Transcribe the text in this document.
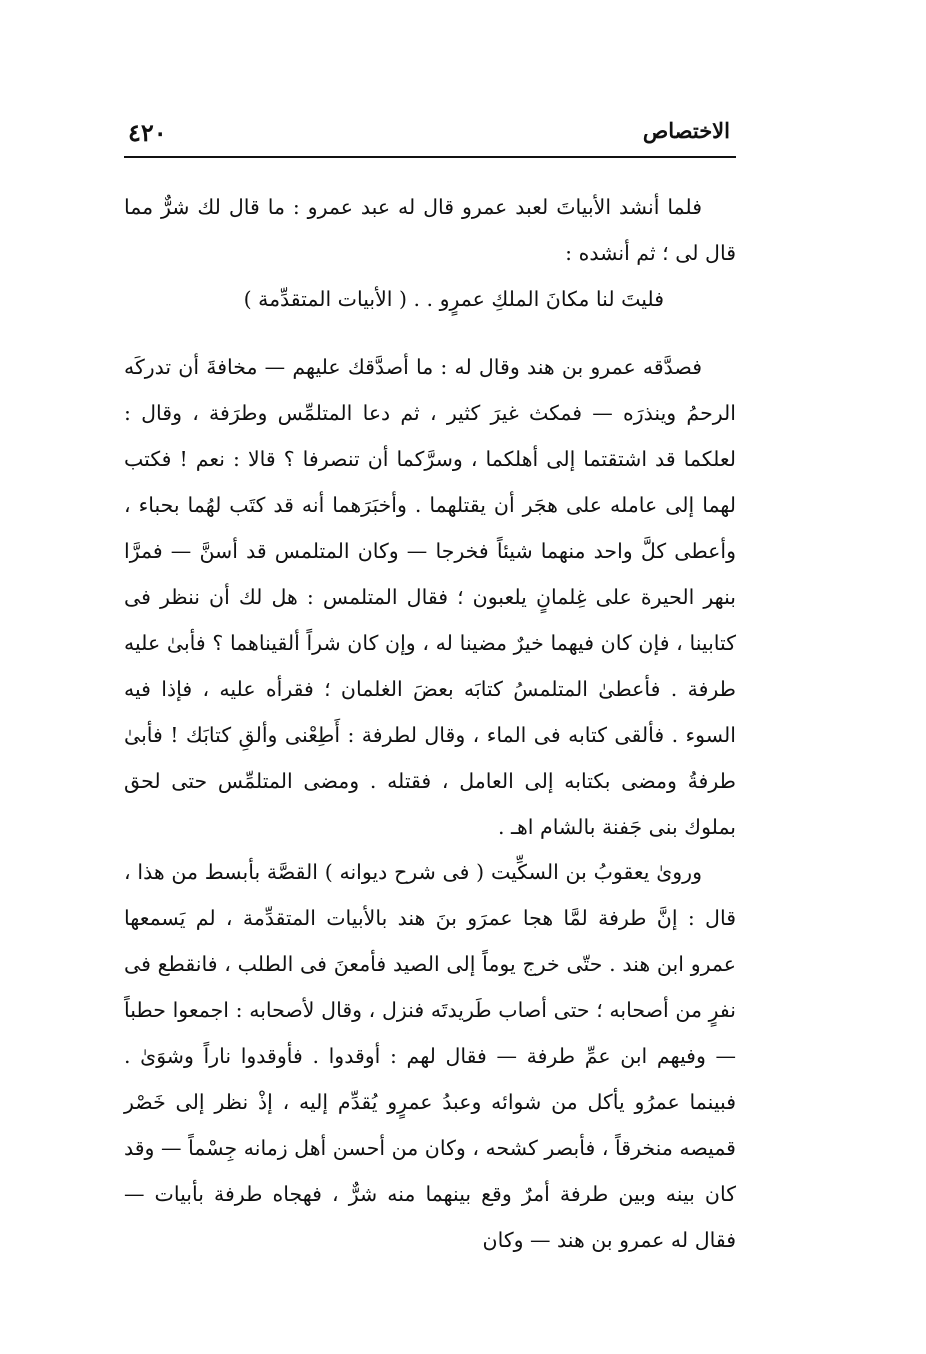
٤٢٠	الاختصاص

فلما أنشد الأبياتَ لعبد عمرو قال له عبد عمرو : ما قال لك شرٌّ مما قال لى ؛ ثم أنشده :

فليتَ لنا مكانَ الملكِ عمرٍو . . ( الأبيات المتقدِّمة )

فصدَّقه عمرو بن هند وقال له : ما أصدَّقك عليهم — مخافةَ أن تدركَه الرحمُ وينذرَه — فمكث غيرَ كثير ، ثم دعا المتلمِّس وطرَفة ، وقال : لعلكما قد اشتقتما إلى أهلكما ، وسرَّكما أن تنصرفا ؟ قالا : نعم ! فكتب لهما إلى عامله على هجَر أن يقتلهما . وأخبَرَهما أنه قد كتَب لهُما بحباء ، وأعطى كلَّ واحد منهما شيئاً فخرجا — وكان المتلمس قد أسنَّ — فمرَّا بنهر الحيرة على غِلمانٍ يلعبون ؛ فقال المتلمس : هل لك أن ننظر فى كتابينا ، فإن كان فيهما خيرٌ مضينا له ، وإن كان شراً ألقيناهما ؟ فأبىٰ عليه طرفة . فأعطىٰ المتلمسُ كتابَه بعضَ الغلمان ؛ فقرأه عليه ، فإذا فيه السوء . فألقى كتابه فى الماء ، وقال لطرفة : أَطِعْنى وألقِ كتابَك ! فأبىٰ طرفةُ ومضى بكتابه إلى العامل ، فقتله . ومضى المتلمِّس حتى لحق بملوك بنى جَفنة بالشام اهـ .

وروىٰ يعقوبُ بن السكِّيت ( فى شرح ديوانه ) القصَّة بأبسط من هذا ، قال : إنَّ طرفة لمَّا هجا عمرَو بنَ هند بالأبيات المتقدِّمة ، لم يَسمعها عمرو ابن هند . حتّى خرج يوماً إلى الصيد فأمعنَ فى الطلب ، فانقطع فى نفرٍ من أصحابه ؛ حتى أصاب طَريدتَه فنزل ، وقال لأصحابه : اجمعوا حطباً — وفيهم ابن عمِّ طرفة — فقال لهم : أوقدوا . فأوقدوا ناراً وشوَىٰ . فبينما عمرُو يأكل من شوائه وعبدُ عمرٍو يُقدِّم إليه ، إذْ نظر إلى خَصْر قميصه منخرقاً ، فأبصر كشحه ، وكان من أحسن أهل زمانه جِسْماً — وقد كان بينه وبين طرفة أمرٌ وقع بينهما منه شرٌّ ، فهجاه طرفة بأبيات — فقال له عمرو بن هند — وكان
